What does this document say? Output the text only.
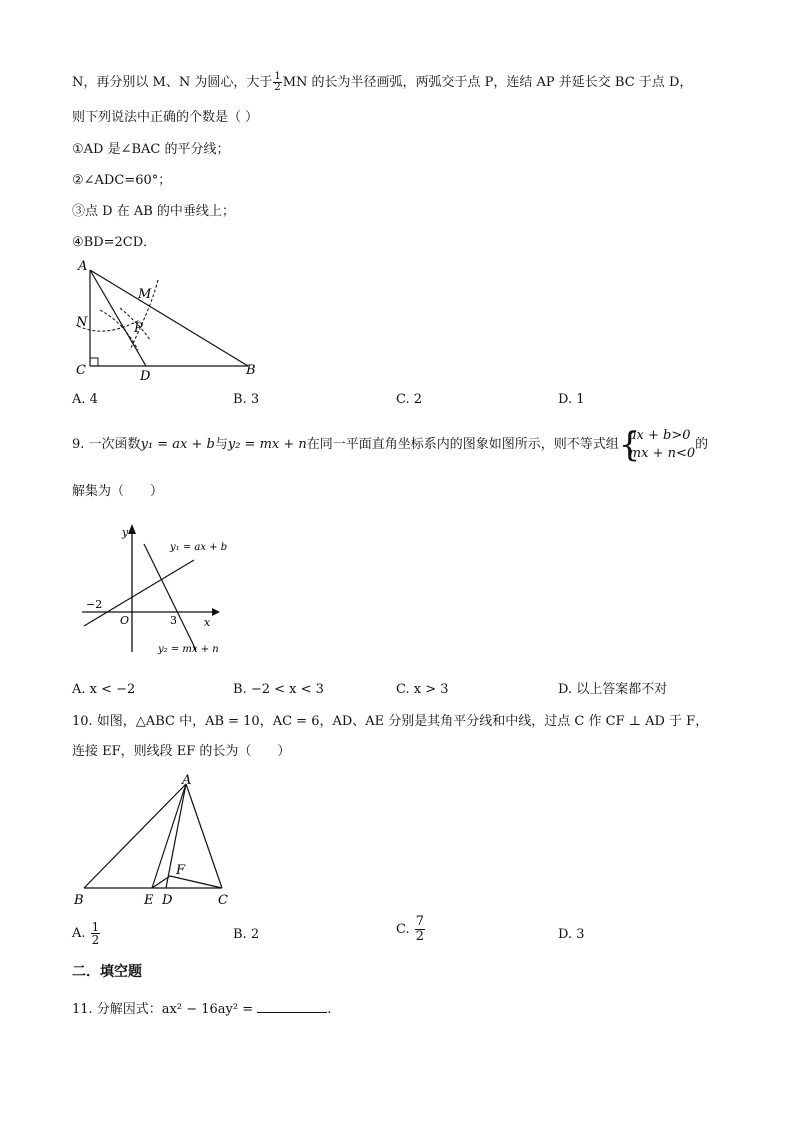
N，再分别以 M、N 为圆心，大于 $\frac{1}{2}$ MN 的长为半径画弧，两弧交于点 P，连结 AP 并延长交 BC 于点 D，
则下列说法中正确的个数是（ ）
①AD 是∠BAC 的平分线；
②∠ADC=60°；
③点 D 在 AB 的中垂线上；
④BD=2CD．
A
M
N	P
C	D	B
A. 4	B. 3	C. 2	D. 1
9. 一次函数y₁ = ax + b与y₂ = mx + n在同一平面直角坐标系内的图象如图所示，则不等式组 {
ax + b>0
mx + n<0
的
解集为（　　）
y
x
O
−2
3
y₁ = ax + b
y₂ = mx + n
A. x < −2	B. −2 < x < 3	C. x > 3	D. 以上答案都不对
10. 如图，△ABC 中，AB = 10，AC = 6，AD、AE 分别是其角平分线和中线，过点 C 作 CF ⊥ AD 于 F，
连接 EF，则线段 EF 的长为（　　）
A
B	E D	C
F
A. $\frac{1}{2}$	B. 2	C. $\frac{7}{2}$	D. 3
二．填空题
11. 分解因式：ax² − 16ay² =	.
